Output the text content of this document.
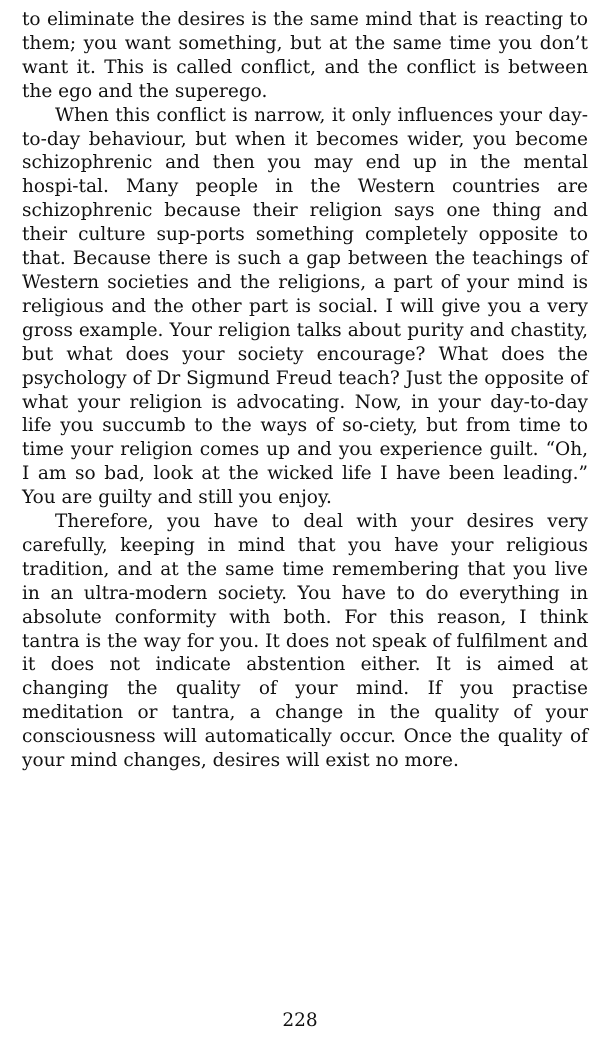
to eliminate the desires is the same mind that is reacting to them; you want something, but at the same time you don’t want it. This is called conflict, and the conflict is between the ego and the superego.

When this conflict is narrow, it only influences your day-to-day behaviour, but when it becomes wider, you become schizophrenic and then you may end up in the mental hospi-tal. Many people in the Western countries are schizophrenic because their religion says one thing and their culture sup-ports something completely opposite to that. Because there is such a gap between the teachings of Western societies and the religions, a part of your mind is religious and the other part is social. I will give you a very gross example. Your religion talks about purity and chastity, but what does your society encourage? What does the psychology of Dr Sigmund Freud teach? Just the opposite of what your religion is advocating. Now, in your day-to-day life you succumb to the ways of so-ciety, but from time to time your religion comes up and you experience guilt. “Oh, I am so bad, look at the wicked life I have been leading.” You are guilty and still you enjoy.

Therefore, you have to deal with your desires very carefully, keeping in mind that you have your religious tradition, and at the same time remembering that you live in an ultra-modern society. You have to do everything in absolute conformity with both. For this reason, I think tantra is the way for you. It does not speak of fulfilment and it does not indicate abstention either. It is aimed at changing the quality of your mind. If you practise meditation or tantra, a change in the quality of your consciousness will automatically occur. Once the quality of your mind changes, desires will exist no more.

228
